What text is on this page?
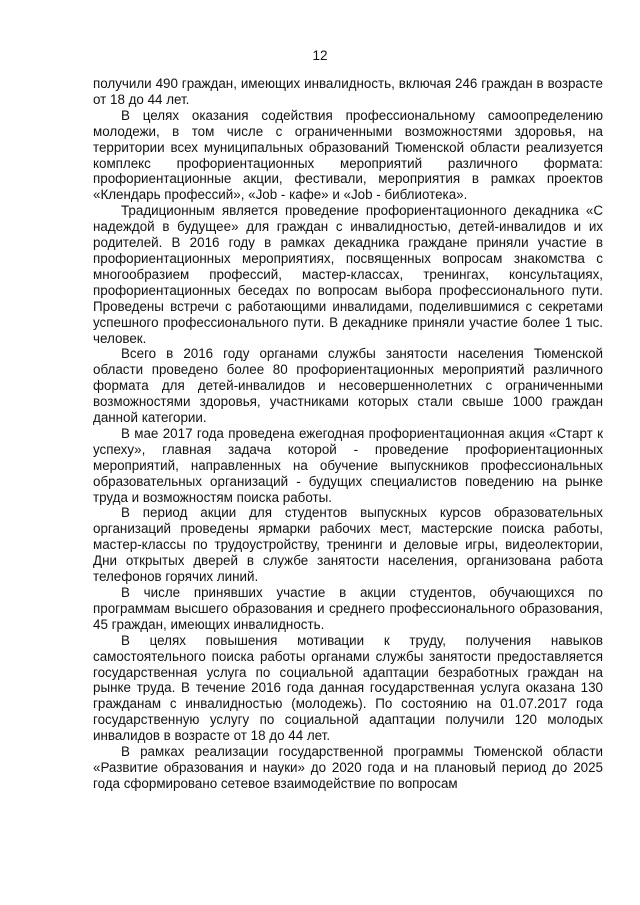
12

получили 490 граждан, имеющих инвалидность, включая 246 граждан в возрасте от 18 до 44 лет.

В целях оказания содействия профессиональному самоопределению молодежи, в том числе с ограниченными возможностями здоровья, на территории всех муниципальных образований Тюменской области реализуется комплекс профориентационных мероприятий различного формата: профориентационные акции, фестивали, мероприятия в рамках проектов «Клендарь профессий», «Job - кафе» и «Job - библиотека».

Традиционным является проведение профориентационного декадника «С надеждой в будущее» для граждан с инвалидностью, детей-инвалидов и их родителей. В 2016 году в рамках декадника граждане приняли участие в профориентационных мероприятиях, посвященных вопросам знакомства с многообразием профессий, мастер-классах, тренингах, консультациях, профориентационных беседах по вопросам выбора профессионального пути. Проведены встречи с работающими инвалидами, поделившимися с секретами успешного профессионального пути. В декаднике приняли участие более 1 тыс. человек.

Всего в 2016 году органами службы занятости населения Тюменской области проведено более 80 профориентационных мероприятий различного формата для детей-инвалидов и несовершеннолетних с ограниченными возможностями здоровья, участниками которых стали свыше 1000 граждан данной категории.

В мае 2017 года проведена ежегодная профориентационная акция «Старт к успеху», главная задача которой - проведение профориентационных мероприятий, направленных на обучение выпускников профессиональных образовательных организаций - будущих специалистов поведению на рынке труда и возможностям поиска работы.

В период акции для студентов выпускных курсов образовательных организаций проведены ярмарки рабочих мест, мастерские поиска работы, мастер-классы по трудоустройству, тренинги и деловые игры, видеолектории, Дни открытых дверей в службе занятости населения, организована работа телефонов горячих линий.

В числе принявших участие в акции студентов, обучающихся по программам высшего образования и среднего профессионального образования, 45 граждан, имеющих инвалидность.

В целях повышения мотивации к труду, получения навыков самостоятельного поиска работы органами службы занятости предоставляется государственная услуга по социальной адаптации безработных граждан на рынке труда. В течение 2016 года данная государственная услуга оказана 130 гражданам с инвалидностью (молодежь). По состоянию на 01.07.2017 года государственную услугу по социальной адаптации получили 120 молодых инвалидов в возрасте от 18 до 44 лет.

В рамках реализации государственной программы Тюменской области «Развитие образования и науки» до 2020 года и на плановый период до 2025 года сформировано сетевое взаимодействие по вопросам
